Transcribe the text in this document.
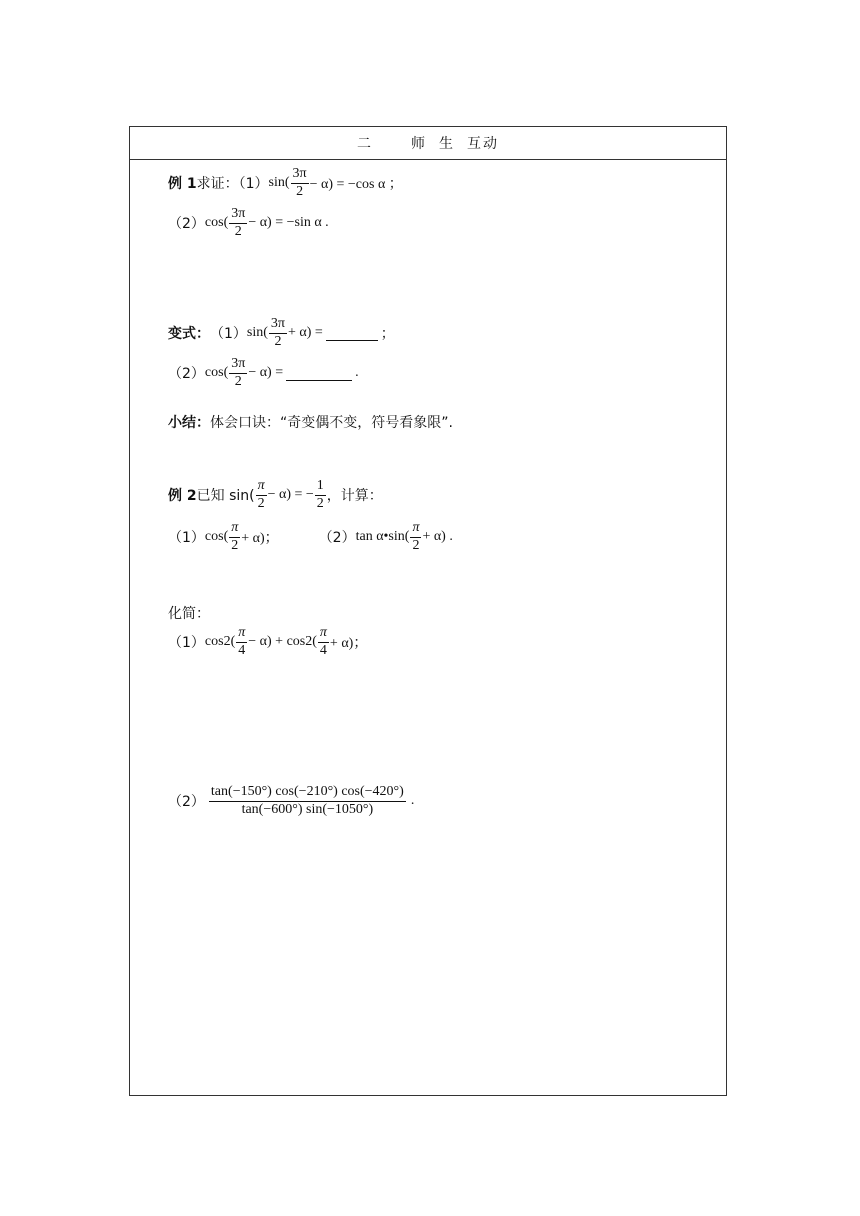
二	师 生 互动
例 1 求证：（1） $\sin( \frac{3\pi}{2} - \alpha) = -\cos$ α ；
（2） $\cos( \frac{3\pi}{2} - \alpha) = -\sin$ α .
变式： （1） $\sin( \frac{3\pi}{2} + \alpha)$ =	；
（2） $\cos( \frac{3\pi}{2} - \alpha)$ =	.
小结： 体会口诀：“奇变偶不变，符号看象限”.
例 2 已知 $\sin( \frac{\pi}{2} - \alpha)$ = − $\frac{1}{2}$ ，计算：
（1） $\cos( \frac{\pi}{2} + \alpha)$；	（2） tan α•sin( $\frac{\pi}{2} + \alpha$) .
化简：
（1） cos 2 ( $\frac{\pi}{4} - \alpha) + \cos 2$ ( $\frac{\pi}{4} + \alpha$)；
$(2) \frac{\tan(-150^\circ) \cos(-210^\circ) \cos(-420^\circ)}{\tan(-600^\circ) \sin(-1050^\circ)}$ .
